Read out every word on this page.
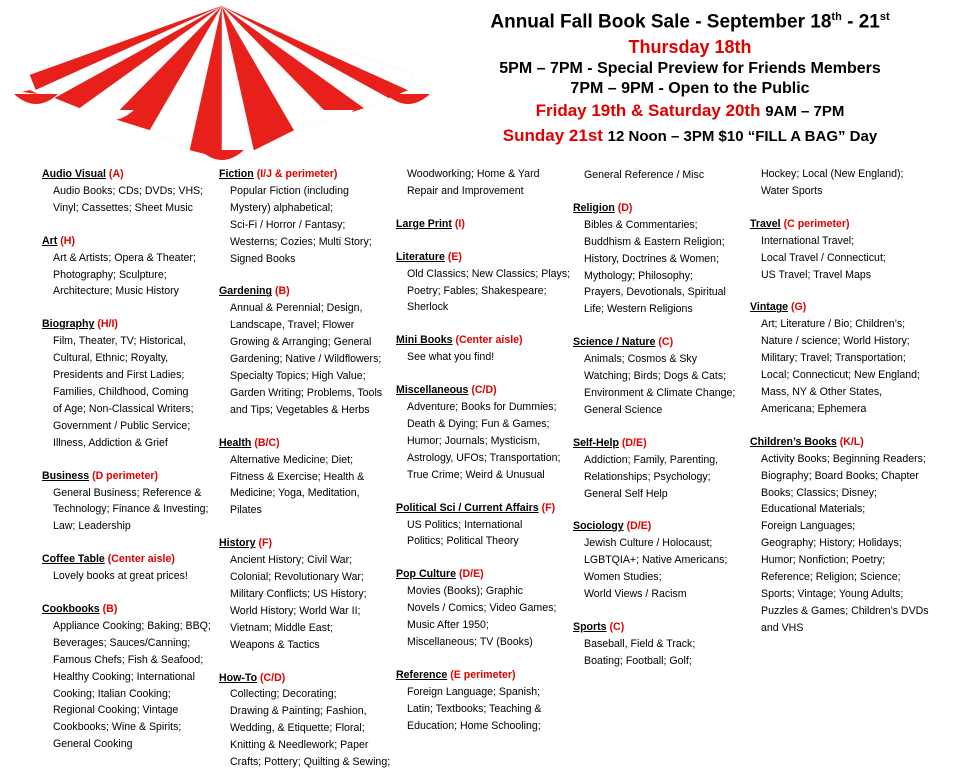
Annual Fall Book Sale - September 18th - 21st
Thursday 18th
5PM – 7PM - Special Preview for Friends Members
7PM – 9PM - Open to the Public
Friday 19th & Saturday 20th 9AM – 7PM
Sunday 21st 12 Noon – 3PM $10 “FILL A BAG” Day
Audio Visual (A)
Audio Books; CDs; DVDs; VHS;
Vinyl; Cassettes; Sheet Music
Art (H)
Art & Artists; Opera & Theater;
Photography; Sculpture;
Architecture; Music History
Biography (H/I)
Film, Theater, TV; Historical,
Cultural, Ethnic; Royalty,
Presidents and First Ladies;
Families, Childhood, Coming
of Age; Non-Classical Writers;
Government / Public Service;
Illness, Addiction & Grief
Business (D perimeter)
General Business; Reference &
Technology; Finance & Investing;
Law; Leadership
Coffee Table (Center aisle)
Lovely books at great prices!
Cookbooks (B)
Appliance Cooking; Baking; BBQ;
Beverages; Sauces/Canning;
Famous Chefs; Fish & Seafood;
Healthy Cooking; International
Cooking; Italian Cooking;
Regional Cooking; Vintage
Cookbooks; Wine & Spirits;
General Cooking
Fiction (I/J & perimeter)
Popular Fiction (including
Mystery) alphabetical;
Sci-Fi / Horror / Fantasy;
Westerns; Cozies; Multi Story;
Signed Books
Gardening (B)
Annual & Perennial; Design,
Landscape, Travel; Flower
Growing & Arranging; General
Gardening; Native / Wildflowers;
Specialty Topics; High Value;
Garden Writing; Problems, Tools
and Tips; Vegetables & Herbs
Health (B/C)
Alternative Medicine; Diet;
Fitness & Exercise; Health &
Medicine; Yoga, Meditation,
Pilates
History (F)
Ancient History; Civil War;
Colonial; Revolutionary War;
Military Conflicts; US History;
World History; World War II;
Vietnam; Middle East;
Weapons & Tactics
How-To (C/D)
Collecting; Decorating;
Drawing & Painting; Fashion,
Wedding, & Etiquette; Floral;
Knitting & Needlework; Paper
Crafts; Pottery; Quilting & Sewing;
Woodworking; Home & Yard
Repair and Improvement
Large Print (I)
Literature (E)
Old Classics; New Classics; Plays;
Poetry; Fables; Shakespeare;
Sherlock
Mini Books (Center aisle)
See what you find!
Miscellaneous (C/D)
Adventure; Books for Dummies;
Death & Dying; Fun & Games;
Humor; Journals; Mysticism,
Astrology, UFOs; Transportation;
True Crime; Weird & Unusual
Political Sci / Current Affairs (F)
US Politics; International
Politics; Political Theory
Pop Culture (D/E)
Movies (Books); Graphic
Novels / Comics; Video Games;
Music After 1950;
Miscellaneous; TV (Books)
Reference (E perimeter)
Foreign Language; Spanish;
Latin; Textbooks; Teaching &
Education; Home Schooling;
General Reference / Misc
Religion (D)
Bibles & Commentaries;
Buddhism & Eastern Religion;
History, Doctrines & Women;
Mythology; Philosophy;
Prayers, Devotionals, Spiritual
Life; Western Religions
Science / Nature (C)
Animals; Cosmos & Sky
Watching; Birds; Dogs & Cats;
Environment & Climate Change;
General Science
Self-Help (D/E)
Addiction; Family, Parenting,
Relationships; Psychology;
General Self Help
Sociology (D/E)
Jewish Culture / Holocaust;
LGBTQIA+; Native Americans;
Women Studies;
World Views / Racism
Sports (C)
Baseball, Field & Track;
Boating; Football; Golf;
Hockey; Local (New England);
Water Sports
Travel (C perimeter)
International Travel;
Local Travel / Connecticut;
US Travel; Travel Maps
Vintage (G)
Art; Literature / Bio; Children’s;
Nature / science; World History;
Military; Travel; Transportation;
Local; Connecticut; New England;
Mass, NY & Other States,
Americana; Ephemera
Children’s Books (K/L)
Activity Books; Beginning Readers;
Biography; Board Books; Chapter
Books; Classics; Disney;
Educational Materials;
Foreign Languages;
Geography; History; Holidays;
Humor; Nonfiction; Poetry;
Reference; Religion; Science;
Sports; Vintage; Young Adults;
Puzzles & Games; Children’s DVDs
and VHS
